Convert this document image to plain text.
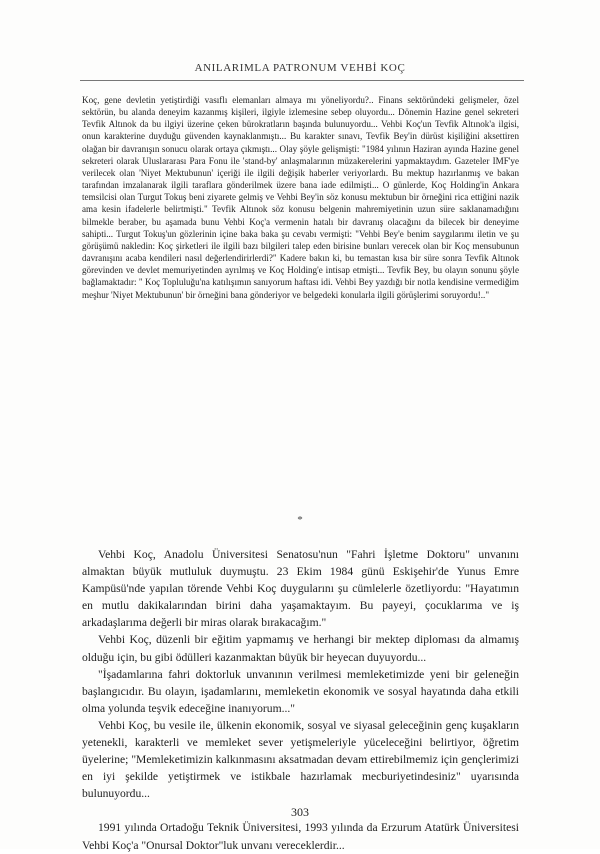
ANILARIMLA PATRONUM VEHBİ KOÇ

Koç, gene devletin yetiştirdiği vasıflı elemanları almaya mı yöneliyordu?.. Finans sektöründeki gelişmeler, özel sektörün, bu alanda deneyim kazanmış kişileri, ilgiyle izlemesine sebep oluyordu... Dönemin Hazine genel sekreteri Tevfik Altınok da bu ilgiyi üzerine çeken bürokratların başında bulunuyordu... Vehbi Koç'un Tevfik Altınok'a ilgisi, onun karakterine duyduğu güvenden kaynaklanmıştı... Bu karakter sınavı, Tevfik Bey'in dürüst kişiliğini aksettiren olağan bir davranışın sonucu olarak ortaya çıkmıştı... Olay şöyle gelişmişti: "1984 yılının Haziran ayında Hazine genel sekreteri olarak Uluslararası Para Fonu ile 'stand-by' anlaşmalarının müzakerelerini yapmaktaydım. Gazeteler IMF'ye verilecek olan 'Niyet Mektubunun' içeriği ile ilgili değişik haberler veriyorlardı. Bu mektup hazırlanmış ve bakan tarafından imzalanarak ilgili taraflara gönderilmek üzere bana iade edilmişti... O günlerde, Koç Holding'in Ankara temsilcisi olan Turgut Tokuş beni ziyarete gelmiş ve Vehbi Bey'in söz konusu mektubun bir örneğini rica ettiğini nazik ama kesin ifadelerle belirtmişti." Tevfik Altınok söz konusu belgenin mahremiyetinin uzun süre saklanamadığını bilmekle beraber, bu aşamada bunu Vehbi Koç'a vermenin hatalı bir davranış olacağını da bilecek bir deneyime sahipti... Turgut Tokuş'un gözlerinin içine baka baka şu cevabı vermişti: "Vehbi Bey'e benim saygılarımı iletin ve şu görüşümü nakledin: Koç şirketleri ile ilgili bazı bilgileri talep eden birisine bunları verecek olan bir Koç mensubunun davranışını acaba kendileri nasıl değerlendirirlerdi?" Kadere bakın ki, bu temastan kısa bir süre sonra Tevfik Altınok görevinden ve devlet memuriyetinden ayrılmış ve Koç Holding'e intisap etmişti... Tevfik Bey, bu olayın sonunu şöyle bağlamaktadır: " Koç Topluluğu'na katılışımın sanıyorum haftası idi. Vehbi Bey yazdığı bir notla kendisine vermediğim meşhur 'Niyet Mektubunun' bir örneğini bana gönderiyor ve belgedeki konularla ilgili görüşlerimi soruyordu!.."

*

Vehbi Koç, Anadolu Üniversitesi Senatosu'nun "Fahri İşletme Doktoru" unvanını almaktan büyük mutluluk duymuştu. 23 Ekim 1984 günü Eskişehir'de Yunus Emre Kampüsü'nde yapılan törende Vehbi Koç duygularını şu cümlelerle özetliyordu: "Hayatımın en mutlu dakikalarından birini daha yaşamaktayım. Bu payeyi, çocuklarıma ve iş arkadaşlarıma değerli bir miras olarak bırakacağım."

Vehbi Koç, düzenli bir eğitim yapmamış ve herhangi bir mektep diploması da almamış olduğu için, bu gibi ödülleri kazanmaktan büyük bir heyecan duyuyordu...

"İşadamlarına fahri doktorluk unvanının verilmesi memleketimizde yeni bir geleneğin başlangıcıdır. Bu olayın, işadamlarını, memleketin ekonomik ve sosyal hayatında daha etkili olma yolunda teşvik edeceğine inanıyorum..."

Vehbi Koç, bu vesile ile, ülkenin ekonomik, sosyal ve siyasal geleceğinin genç kuşakların yetenekli, karakterli ve memleket sever yetişmeleriyle yüceleceğini belirtiyor, öğretim üyelerine; "Memleketimizin kalkınmasını aksatmadan devam ettirebilmemiz için gençlerimizi en iyi şekilde yetiştirmek ve istikbale hazırlamak mecburiyetindesiniz" uyarısında bulunuyordu...

1991 yılında Ortadoğu Teknik Üniversitesi, 1993 yılında da Erzurum Atatürk Üniversitesi Vehbi Koç'a "Onursal Doktor"luk unvanı vereceklerdir...

303
